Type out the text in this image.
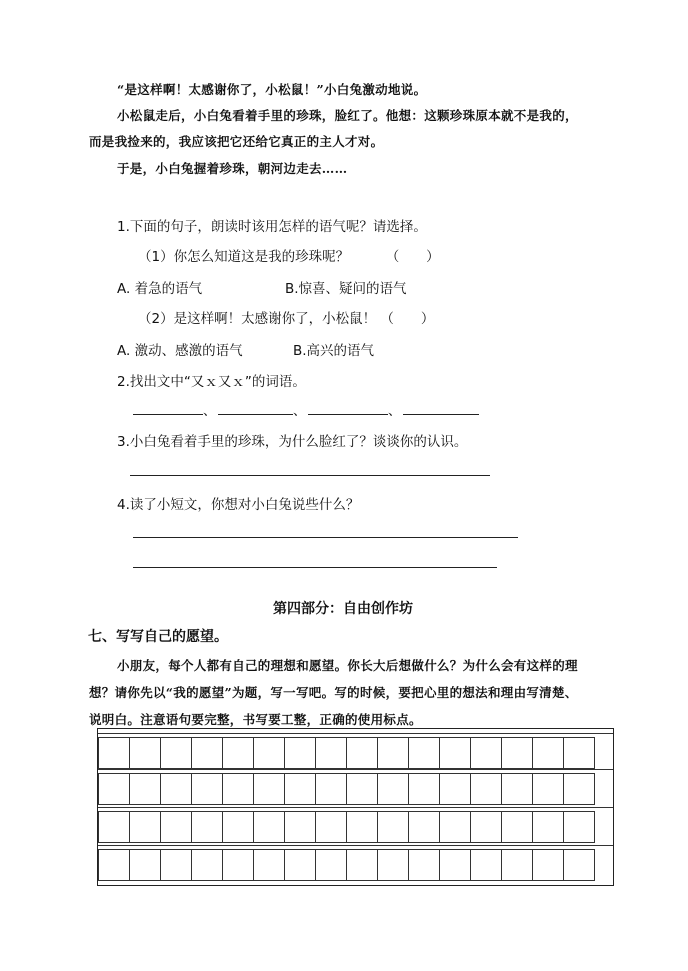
“是这样啊！太感谢你了，小松鼠！”小白兔激动地说。
小松鼠走后，小白兔看着手里的珍珠，脸红了。他想：这颗珍珠原本就不是我的，
而是我捡来的，我应该把它还给它真正的主人才对。
于是，小白兔握着珍珠，朝河边走去……
1.下面的句子，朗读时该用怎样的语气呢？请选择。
（1）你怎么知道这是我的珍珠呢？	（　　）
A. 着急的语气	B.惊喜、疑问的语气
（2）是这样啊！太感谢你了，小松鼠！ （　　）
A. 激动、感激的语气	B.高兴的语气
2.找出文中“又ｘ又ｘ”的词语。
、	、	、
3.小白兔看着手里的珍珠，为什么脸红了？谈谈你的认识。
4.读了小短文，你想对小白兔说些什么？
第四部分：自由创作坊
七、写写自己的愿望。
小朋友，每个人都有自己的理想和愿望。你长大后想做什么？为什么会有这样的理
想？请你先以“我的愿望”为题，写一写吧。写的时候，要把心里的想法和理由写清楚、
说明白。注意语句要完整，书写要工整，正确的使用标点。
